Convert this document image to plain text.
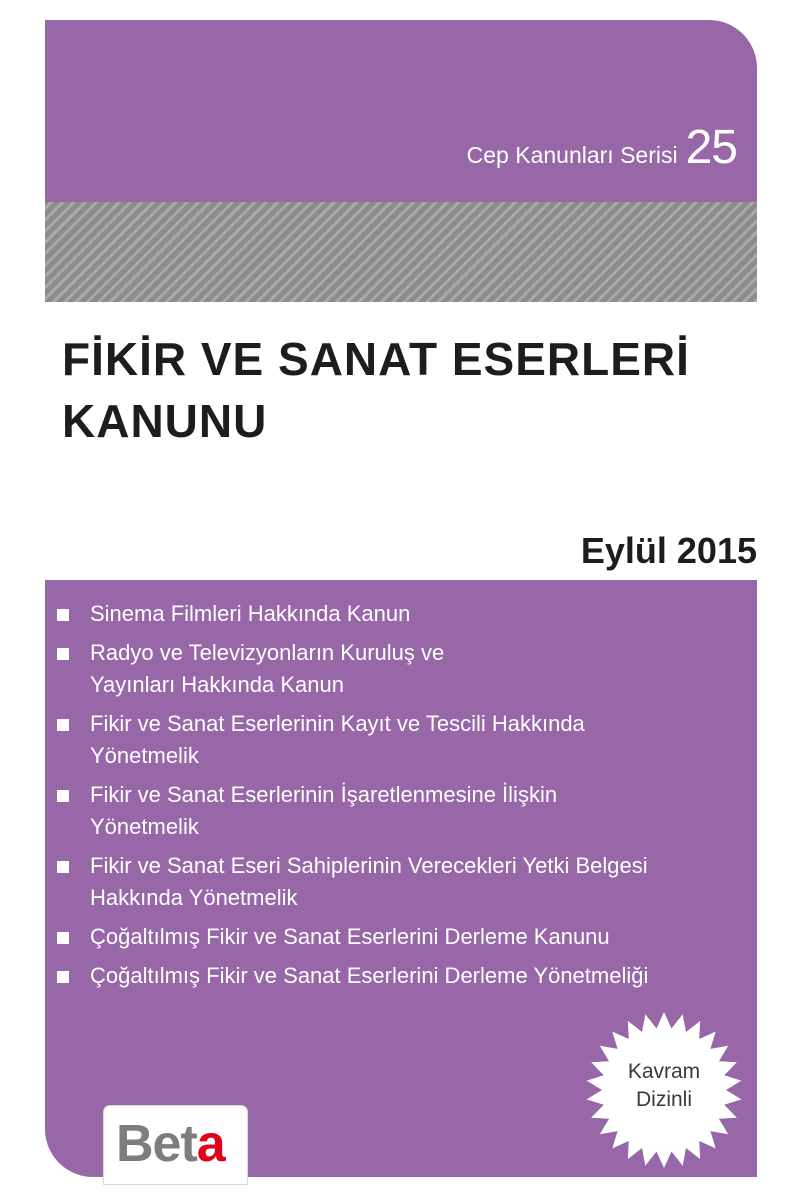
Cep Kanunları Serisi 25
FİKİR VE SANAT ESERLERİ
KANUNU
Eylül 2015
Sinema Filmleri Hakkında Kanun
Radyo ve Televizyonların Kuruluş ve
Yayınları Hakkında Kanun
Fikir ve Sanat Eserlerinin Kayıt ve Tescili Hakkında
Yönetmelik
Fikir ve Sanat Eserlerinin İşaretlenmesine İlişkin
Yönetmelik
Fikir ve Sanat Eseri Sahiplerinin Verecekleri Yetki Belgesi
Hakkında Yönetmelik
Çoğaltılmış Fikir ve Sanat Eserlerini Derleme Kanunu
Çoğaltılmış Fikir ve Sanat Eserlerini Derleme Yönetmeliği
Kavram
Dizinli
Beta
